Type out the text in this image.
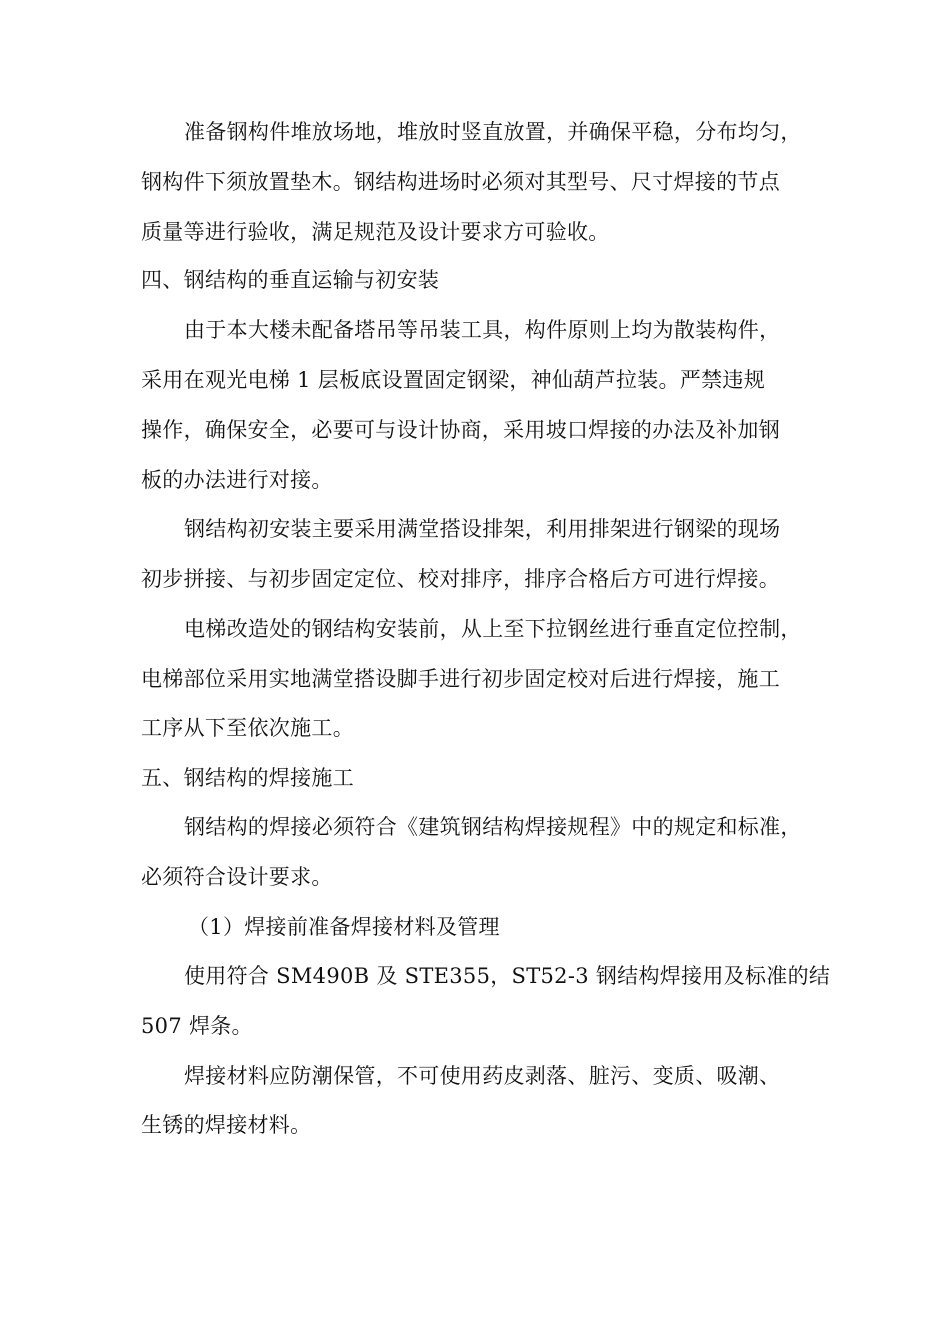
准备钢构件堆放场地，堆放时竖直放置，并确保平稳，分布均匀，
钢构件下须放置垫木。钢结构进场时必须对其型号、尺寸焊接的节点
质量等进行验收，满足规范及设计要求方可验收。
四、钢结构的垂直运输与初安装
由于本大楼未配备塔吊等吊装工具，构件原则上均为散装构件，
采用在观光电梯 1 层板底设置固定钢梁，神仙葫芦拉装。严禁违规
操作，确保安全，必要可与设计协商，采用坡口焊接的办法及补加钢
板的办法进行对接。
钢结构初安装主要采用满堂搭设排架，利用排架进行钢梁的现场
初步拼接、与初步固定定位、校对排序，排序合格后方可进行焊接。
电梯改造处的钢结构安装前，从上至下拉钢丝进行垂直定位控制，
电梯部位采用实地满堂搭设脚手进行初步固定校对后进行焊接，施工
工序从下至依次施工。
五、钢结构的焊接施工
钢结构的焊接必须符合《建筑钢结构焊接规程》中的规定和标准，
必须符合设计要求。
（1）焊接前准备焊接材料及管理
使用符合 SM490B 及 STE355，ST52-3 钢结构焊接用及标准的结
507 焊条。
焊接材料应防潮保管，不可使用药皮剥落、脏污、变质、吸潮、
生锈的焊接材料。
